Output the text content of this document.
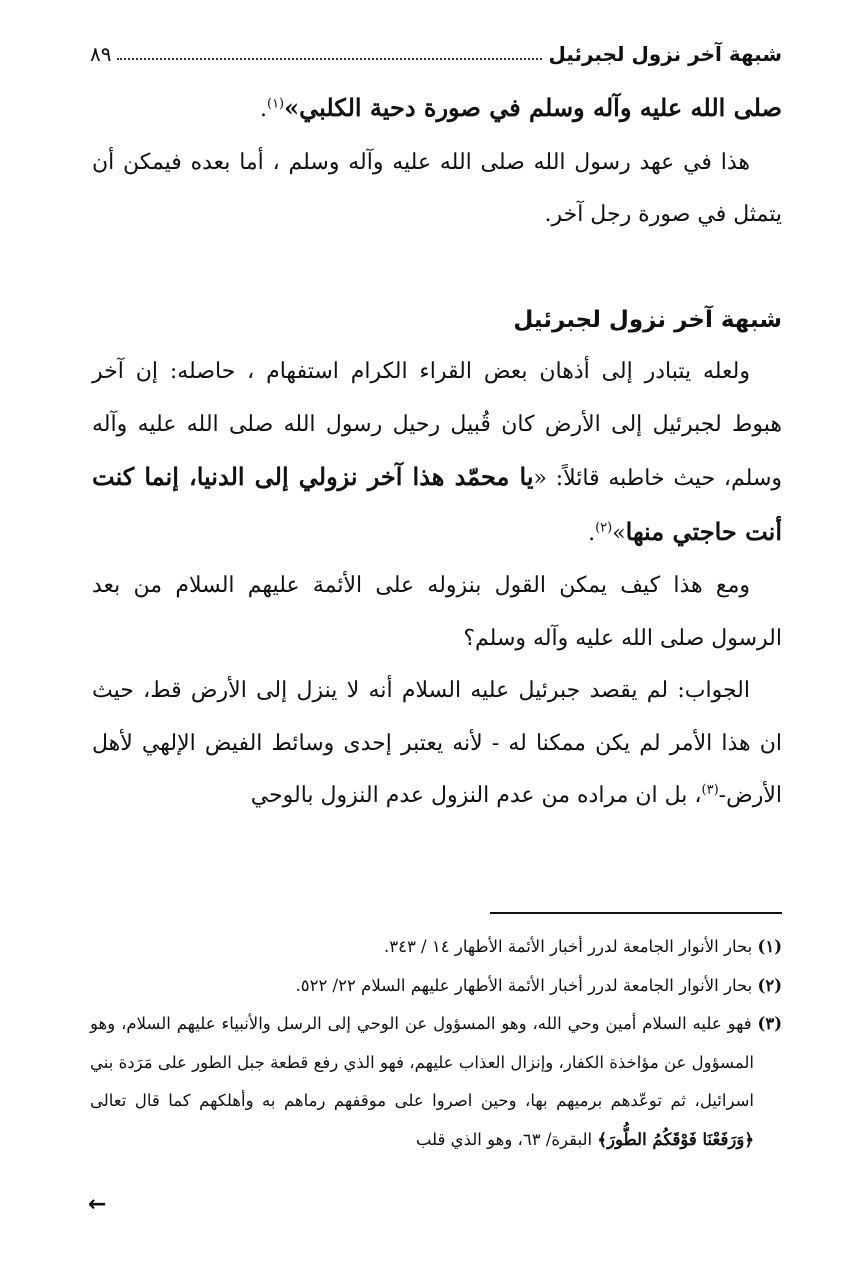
شبهة آخر نزول لجبرئيل
٨٩

صلى الله عليه وآله وسلم في صورة دحية الكلبي»$^{(١)}$.

هذا في عهد رسول الله صلى الله عليه وآله وسلم ، أما بعده فيمكن أن يتمثل في صورة رجل آخر.

شبهة آخر نزول لجبرئيل

ولعله يتبادر إلى أذهان بعض القراء الكرام استفهام ، حاصله: إن آخر هبوط لجبرئيل إلى الأرض كان قُبيل رحيل رسول الله صلى الله عليه وآله وسلم، حيث خاطبه قائلاً: «يا محمّد هذا آخر نزولي إلى الدنيا، إنما كنت أنت حاجتي منها»$^{(٢)}$.

ومع هذا كيف يمكن القول بنزوله على الأئمة عليهم السلام من بعد الرسول صلى الله عليه وآله وسلم؟

الجواب: لم يقصد جبرئيل عليه السلام أنه لا ينزل إلى الأرض قط، حيث ان هذا الأمر لم يكن ممكنا له - لأنه يعتبر إحدى وسائط الفيض الإلهي لأهل الأرض-$^{(٣)}$، بل ان مراده من عدم النزول عدم النزول بالوحي

(١) بحار الأنوار الجامعة لدرر أخبار الأئمة الأطهار ١٤ / ٣٤٣.

(٢) بحار الأنوار الجامعة لدرر أخبار الأئمة الأطهار عليهم السلام ٢٢/ ٥٢٢.

(٣) فهو عليه السلام أمين وحي الله، وهو المسؤول عن الوحي إلى الرسل والأنبياء عليهم السلام، وهو المسؤول عن مؤاخذة الكفار، وإنزال العذاب عليهم، فهو الذي رفع قطعة جبل الطور على مَرَدة بني اسرائيل، ثم توعّدهم برميهم بها، وحين اصروا على موقفهم رماهم به وأهلكهم كما قال تعالى ﴿وَرَفَعْنَا فَوْقَكُمُ الطُّورَ﴾ البقرة/ ٦٣، وهو الذي قلب

←
